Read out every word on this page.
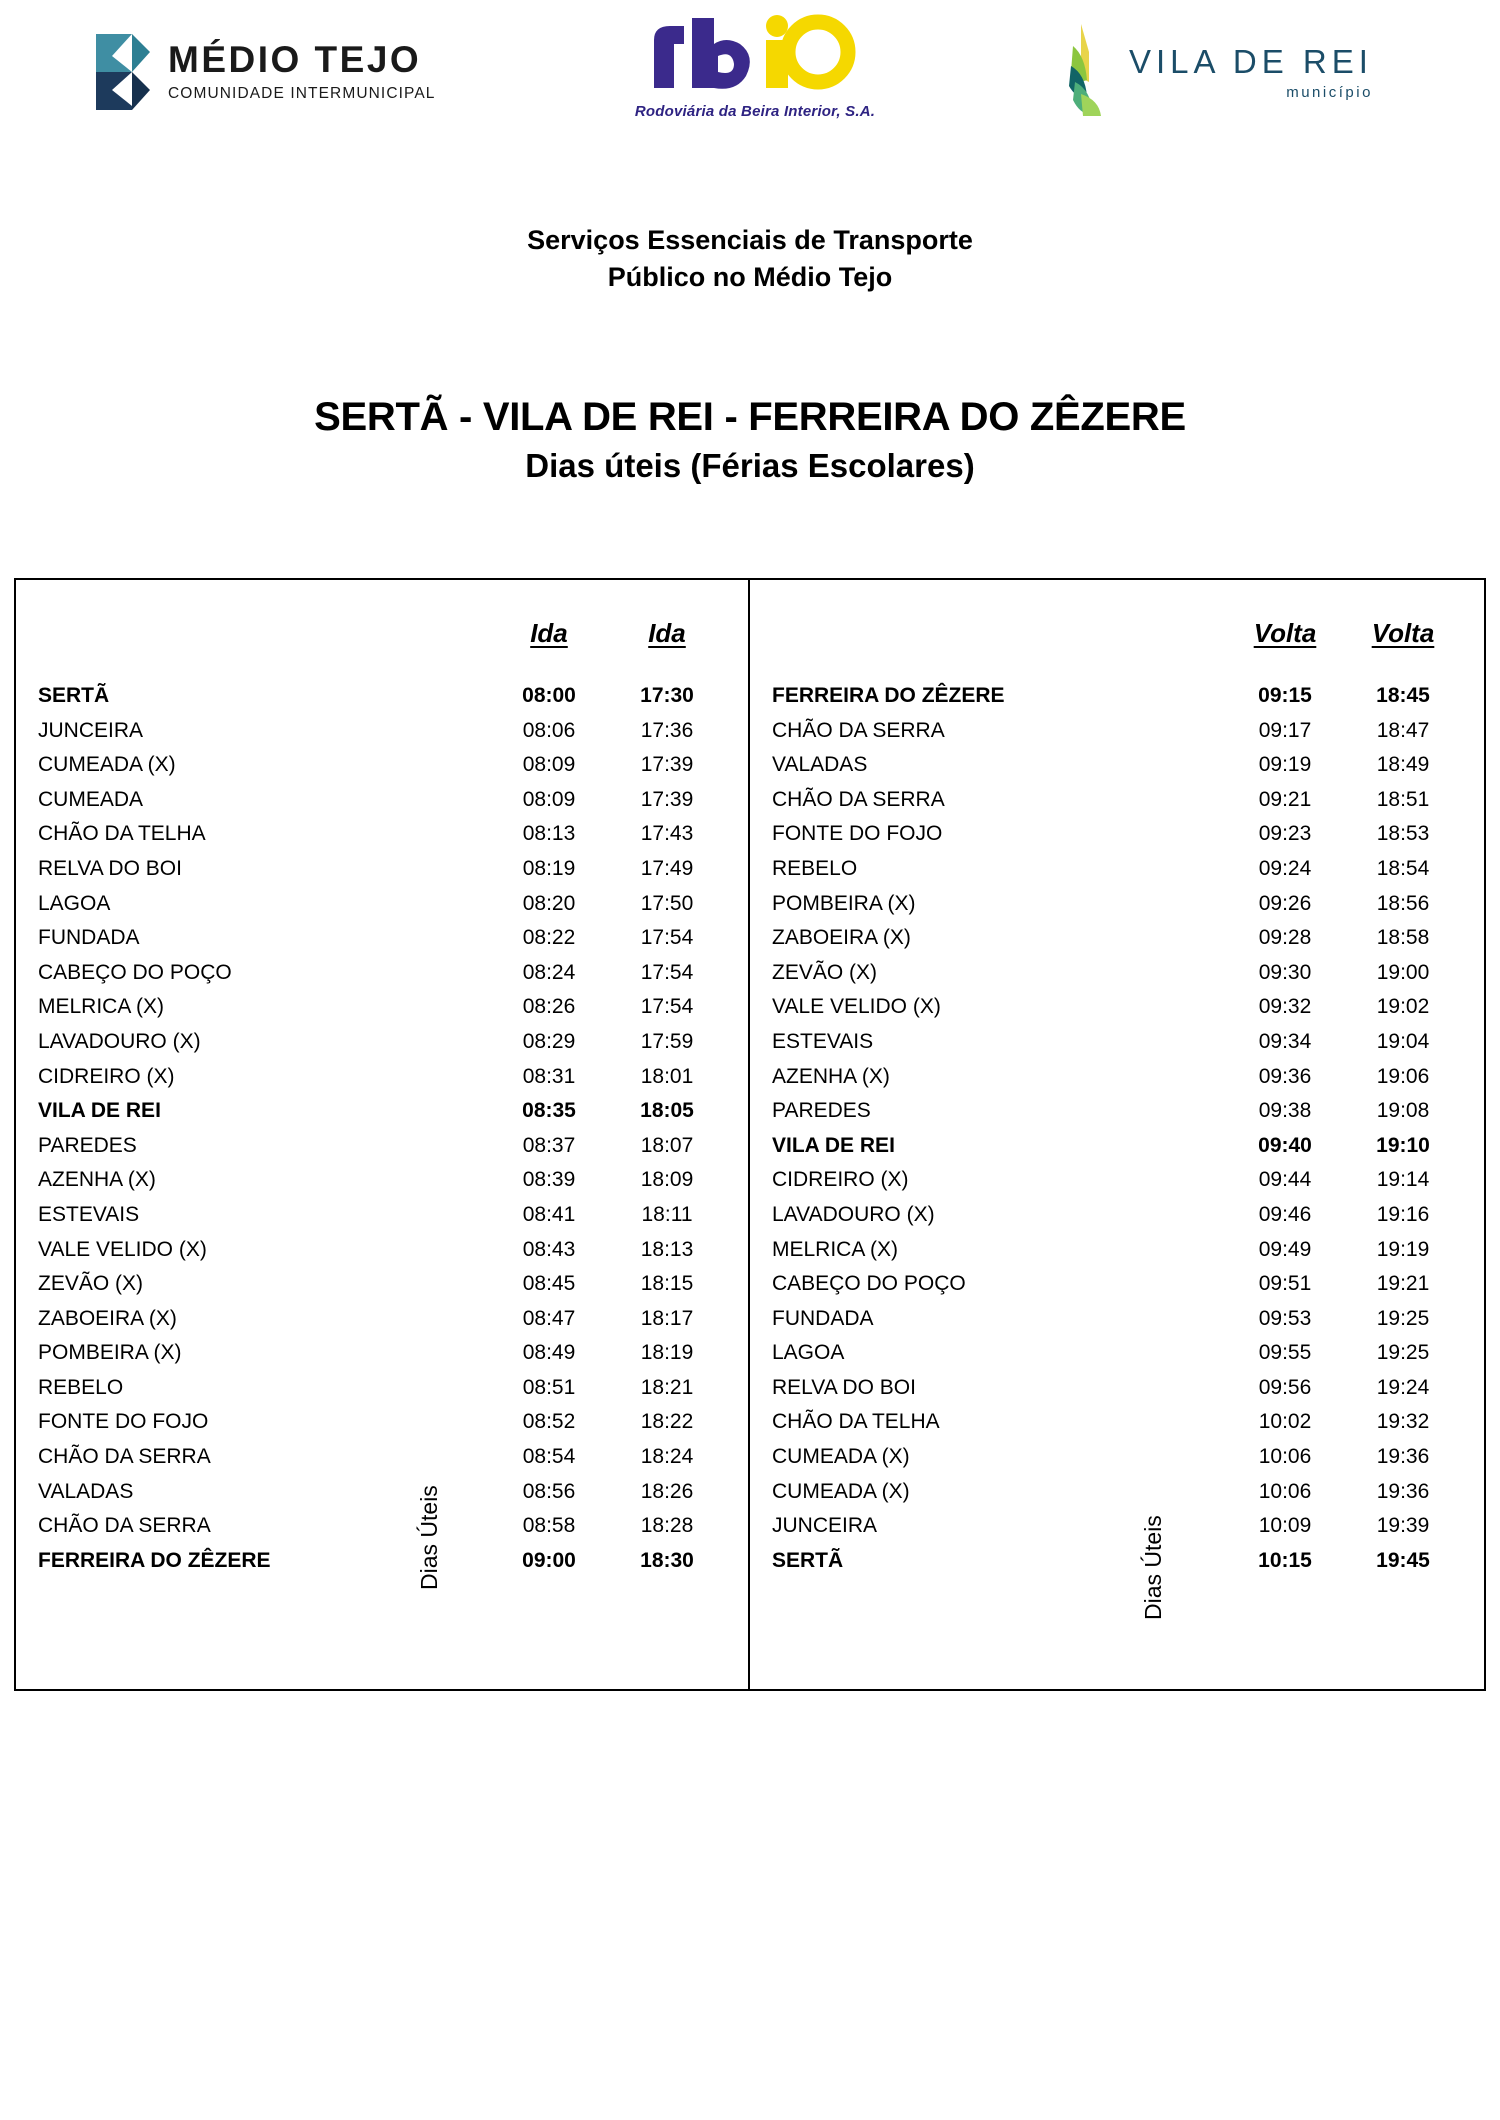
MÉDIO TEJO
COMUNIDADE INTERMUNICIPAL
Rodoviária da Beira Interior, S.A.
VILA DE REI
município
Serviços Essenciais de Transporte
Público no Médio Tejo
SERTÃ - VILA DE REI - FERREIRA DO ZÊZERE
Dias úteis (Férias Escolares)
Ida	Ida
SERTÃ	08:00	17:30
JUNCEIRA	08:06	17:36
CUMEADA (X)	08:09	17:39
CUMEADA	08:09	17:39
CHÃO DA TELHA	08:13	17:43
RELVA DO BOI	08:19	17:49
LAGOA	08:20	17:50
FUNDADA	08:22	17:54
CABEÇO DO POÇO	08:24	17:54
MELRICA (X)	08:26	17:54
LAVADOURO (X)	08:29	17:59
CIDREIRO (X)	08:31	18:01
VILA DE REI	08:35	18:05
PAREDES	08:37	18:07
AZENHA (X)	08:39	18:09
ESTEVAIS	08:41	18:11
VALE VELIDO (X)	08:43	18:13
ZEVÃO (X)	08:45	18:15
ZABOEIRA (X)	08:47	18:17
POMBEIRA (X)	08:49	18:19
REBELO	08:51	18:21
FONTE DO FOJO	08:52	18:22
CHÃO DA SERRA	08:54	18:24
VALADAS	08:56	18:26
CHÃO DA SERRA	08:58	18:28
FERREIRA DO ZÊZERE	09:00	18:30
Dias Úteis
Volta	Volta
FERREIRA DO ZÊZERE	09:15	18:45
CHÃO DA SERRA	09:17	18:47
VALADAS	09:19	18:49
CHÃO DA SERRA	09:21	18:51
FONTE DO FOJO	09:23	18:53
REBELO	09:24	18:54
POMBEIRA (X)	09:26	18:56
ZABOEIRA (X)	09:28	18:58
ZEVÃO (X)	09:30	19:00
VALE VELIDO (X)	09:32	19:02
ESTEVAIS	09:34	19:04
AZENHA (X)	09:36	19:06
PAREDES	09:38	19:08
VILA DE REI	09:40	19:10
CIDREIRO (X)	09:44	19:14
LAVADOURO (X)	09:46	19:16
MELRICA (X)	09:49	19:19
CABEÇO DO POÇO	09:51	19:21
FUNDADA	09:53	19:25
LAGOA	09:55	19:25
RELVA DO BOI	09:56	19:24
CHÃO DA TELHA	10:02	19:32
CUMEADA (X)	10:06	19:36
CUMEADA (X)	10:06	19:36
JUNCEIRA	10:09	19:39
SERTÃ	10:15	19:45
Dias Úteis
